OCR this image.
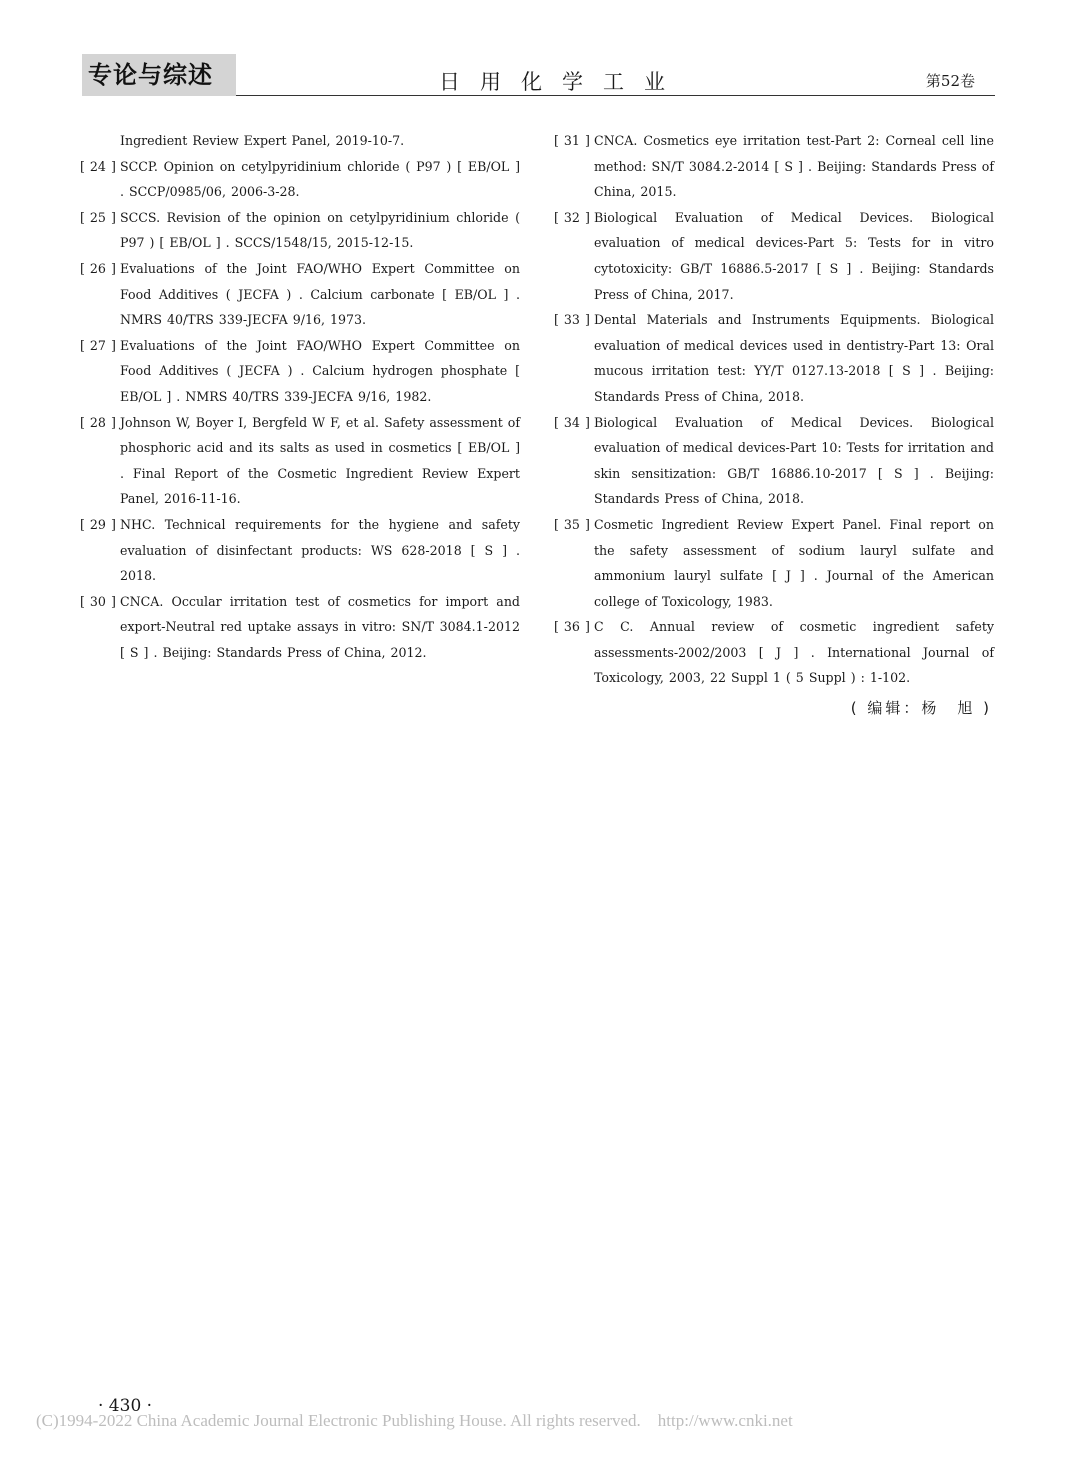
专论与综述	日用化学工业	第52卷
Ingredient Review Expert Panel, 2019-10-7.
[ 24 ] SCCP. Opinion on cetylpyridinium chloride ( P97 ) [ EB/OL ] . SCCP/0985/06, 2006-3-28.
[ 25 ] SCCS. Revision of the opinion on cetylpyridinium chloride ( P97 ) [ EB/OL ] . SCCS/1548/15, 2015-12-15.
[ 26 ] Evaluations of the Joint FAO/WHO Expert Committee on Food Additives ( JECFA ) . Calcium carbonate [ EB/OL ] . NMRS 40/TRS 339-JECFA 9/16, 1973.
[ 27 ] Evaluations of the Joint FAO/WHO Expert Committee on Food Additives ( JECFA ) . Calcium hydrogen phosphate [ EB/OL ] . NMRS 40/TRS 339-JECFA 9/16, 1982.
[ 28 ] Johnson W, Boyer I, Bergfeld W F, et al. Safety assessment of phosphoric acid and its salts as used in cosmetics [ EB/OL ] . Final Report of the Cosmetic Ingredient Review Expert Panel, 2016-11-16.
[ 29 ] NHC. Technical requirements for the hygiene and safety evaluation of disinfectant products: WS 628-2018 [ S ] . 2018.
[ 30 ] CNCA. Occular irritation test of cosmetics for import and export-Neutral red uptake assays in vitro: SN/T 3084.1-2012 [ S ] . Beijing: Standards Press of China, 2012.
[ 31 ] CNCA. Cosmetics eye irritation test-Part 2: Corneal cell line method: SN/T 3084.2-2014 [ S ] . Beijing: Standards Press of China, 2015.
[ 32 ] Biological Evaluation of Medical Devices. Biological evaluation of medical devices-Part 5: Tests for in vitro cytotoxicity: GB/T 16886.5-2017 [ S ] . Beijing: Standards Press of China, 2017.
[ 33 ] Dental Materials and Instruments Equipments. Biological evaluation of medical devices used in dentistry-Part 13: Oral mucous irritation test: YY/T 0127.13-2018 [ S ] . Beijing: Standards Press of China, 2018.
[ 34 ] Biological Evaluation of Medical Devices. Biological evaluation of medical devices-Part 10: Tests for irritation and skin sensitization: GB/T 16886.10-2017 [ S ] . Beijing: Standards Press of China, 2018.
[ 35 ] Cosmetic Ingredient Review Expert Panel. Final report on the safety assessment of sodium lauryl sulfate and ammonium lauryl sulfate [ J ] . Journal of the American college of Toxicology, 1983.
[ 36 ] C C. Annual review of cosmetic ingredient safety assessments-2002/2003 [ J ] . International Journal of Toxicology, 2003, 22 Suppl 1 ( 5 Suppl ) : 1-102.
( 编辑：杨　旭 )
· 430 ·
(C)1994-2022 China Academic Journal Electronic Publishing House. All rights reserved.    http://www.cnki.net
